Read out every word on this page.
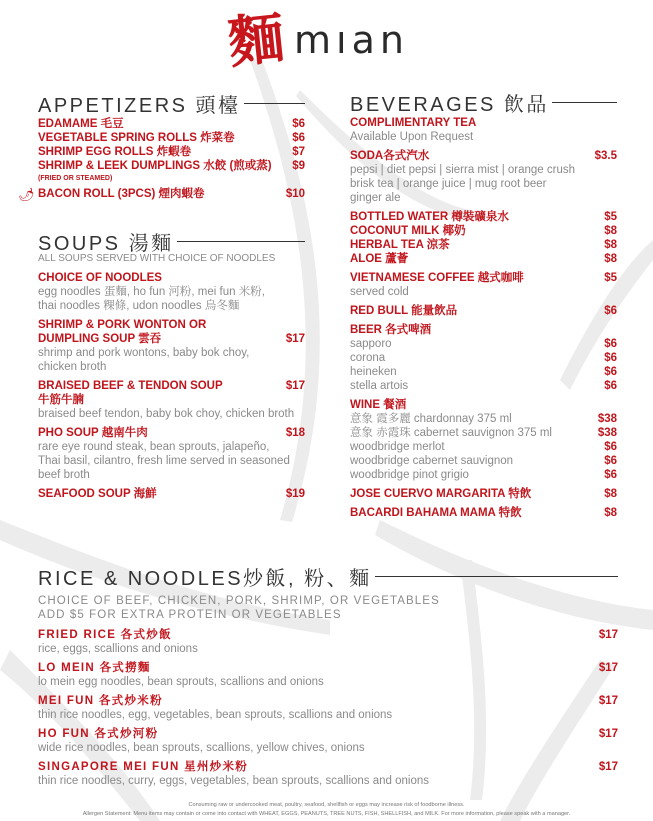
麵 mıan
APPETIZERS 頭檯
EDAMAME 毛豆	$6
VEGETABLE SPRING ROLLS 炸菜卷	$6
SHRIMP EGG ROLLS 炸蝦卷	$7
SHRIMP & LEEK DUMPLINGS 水餃 (煎或蒸) $9
(FRIED OR STEAMED)
🌶 BACON ROLL (3PCS) 煙肉蝦卷	$10
SOUPS 湯麵
ALL SOUPS SERVED WITH CHOICE OF NOODLES
CHOICE OF NOODLES
egg noodles 蛋麵, ho fun 河粉, mei fun 米粉,
thai noodles 粿條, udon noodles 烏冬麵
SHRIMP & PORK WONTON OR
DUMPLING SOUP 雲吞	$17
shrimp and pork wontons, baby bok choy,
chicken broth
BRAISED BEEF & TENDON SOUP	$17
牛筋牛腩
braised beef tendon, baby bok choy, chicken broth
PHO SOUP 越南牛肉	$18
rare eye round steak, bean sprouts, jalapeño,
Thai basil, cilantro, fresh lime served in seasoned
beef broth
SEAFOOD SOUP 海鮮	$19
BEVERAGES 飲品
COMPLIMENTARY TEA
Available Upon Request
SODA各式汽水	$3.5
pepsi | diet pepsi | sierra mist | orange crush
brisk tea | orange juice | mug root beer
ginger ale
BOTTLED WATER 樽裝礦泉水	$5
COCONUT MILK 椰奶	$8
HERBAL TEA 涼茶	$8
ALOE 蘆薈	$8
VIETNAMESE COFFEE 越式咖啡	$5
served cold
RED BULL 能量飲品	$6
BEER 各式啤酒
sapporo	$6
corona	$6
heineken	$6
stella artois	$6
WINE 餐酒
意象 霞多麗 chardonnay 375 ml	$38
意象 赤霞珠 cabernet sauvignon 375 ml	$38
woodbridge merlot	$6
woodbridge cabernet sauvignon	$6
woodbridge pinot grigio	$6
JOSE CUERVO MARGARITA 特飲	$8
BACARDI BAHAMA MAMA 特飲	$8
RICE & NOODLES炒飯, 粉、麵
CHOICE OF BEEF, CHICKEN, PORK, SHRIMP, OR VEGETABLES
ADD $5 FOR EXTRA PROTEIN OR VEGETABLES
FRIED RICE 各式炒飯	$17
rice, eggs, scallions and onions
LO MEIN 各式撈麵	$17
lo mein egg noodles, bean sprouts, scallions and onions
MEI FUN 各式炒米粉	$17
thin rice noodles, egg, vegetables, bean sprouts, scallions and onions
HO FUN 各式炒河粉	$17
wide rice noodles, bean sprouts, scallions, yellow chives, onions
SINGAPORE MEI FUN 星州炒米粉	$17
thin rice noodles, curry, eggs, vegetables, bean sprouts, scallions and onions
Consuming raw or undercooked meat, poultry, seafood, shellfish or eggs may increase risk of foodborne illness.
Allergen Statement: Menu items may contain or come into contact with WHEAT, EGGS, PEANUTS, TREE NUTS, FISH, SHELLFISH, and MILK. For more information, please speak with a manager.
